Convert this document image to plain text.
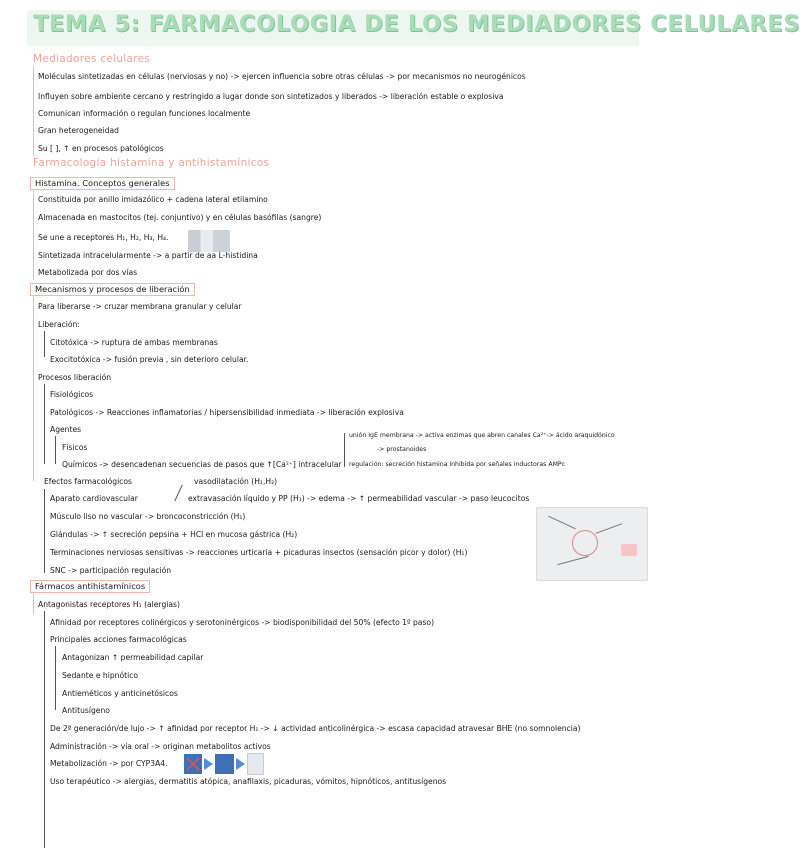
TEMA 5: FARMACOLOGIA DE LOS MEDIADORES CELULARES
Mediadores celulares
Moléculas sintetizadas en células (nerviosas y no) -> ejercen influencia sobre otras células -> por mecanismos no neurogénicos
Influyen sobre ambiente cercano y restringido a lugar donde son sintetizados y liberados -> liberación estable o explosiva
Comunican información o regulan funciones localmente
Gran heterogeneidad
Su [ ], ↑ en procesos patológicos
Farmacología histamina y antihistamínicos
Histamina. Conceptos generales
Constituida por anillo imidazólico + cadena lateral etilamino
Almacenada en mastocitos (tej. conjuntivo) y en células basófilas (sangre)
Se une a receptores H₁, H₂, H₃, H₄.
Sintetizada intracelularmente -> a partir de aa L-histidina
Metabolizada por dos vías
Mecanismos y procesos de liberación
Para liberarse -> cruzar membrana granular y celular
Liberación:
Citotóxica -> ruptura de ambas membranas
Exocitotóxica -> fusión previa , sin deterioro celular.
Procesos liberación
Fisiológicos
Patológicos -> Reacciones inflamatorias / hipersensibilidad inmediata -> liberación explosiva
Agentes
Físicos
Químicos -> desencadenan secuencias de pasos que ↑[Ca²⁺] intracelular
unión IgE membrana -> activa enzimas que abren canales Ca²⁺-> ácido araquidónico
-> prostanoides
regulación: secreción histamina inhibida por señales inductoras AMPc
Efectos farmacológicos	vasodilatación (H₁,H₂)
Aparato cardiovascular	extravasación líquido y PP (H₁) -> edema -> ↑ permeabilidad vascular -> paso leucocitos
Músculo liso no vascular -> broncoconstricción (H₁)
Glándulas -> ↑ secreción pepsina + HCl en mucosa gástrica (H₂)
Terminaciones nerviosas sensitivas -> reacciones urticaria + picaduras insectos (sensación picor y dolor) (H₁)
SNC -> participación regulación
Fármacos antihistamínicos
Antagonistas receptores H₁ (alergias)
Afinidad por receptores colinérgicos y serotoninérgicos -> biodisponibilidad del 50% (efecto 1º paso)
Principales acciones farmacológicas
Antagonizan ↑ permeabilidad capilar
Sedante e hipnótico
Antieméticos y anticinetósicos
Antitusígeno
De 2ª generación/de lujo -> ↑ afinidad por receptor H₁ -> ↓ actividad anticolinérgica -> escasa capacidad atravesar BHE (no somnolencia)
Administración -> vía oral -> originan metabolitos activos
Metabolización -> por CYP3A4.
Uso terapéutico -> alergias, dermatitis atópica, anafilaxis, picaduras, vómitos, hipnóticos, antitusígenos
